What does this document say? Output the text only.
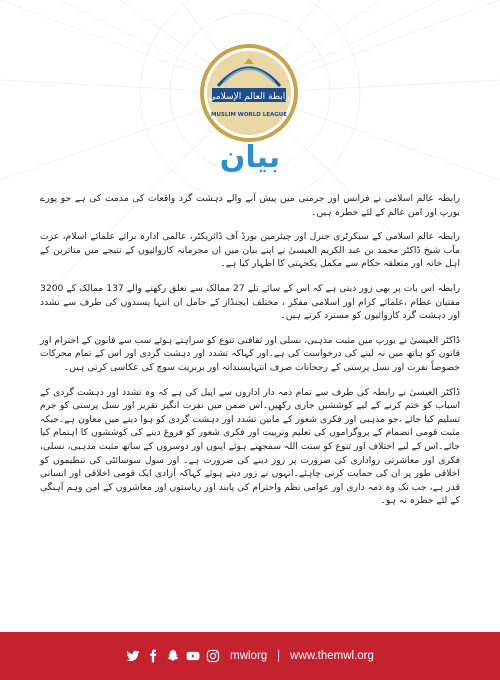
رابطة العالم الإسلامي
MUSLIM WORLD LEAGUE
بیان

رابطہ عالم اسلامی نے فرانس اور جرمنی میں پیش آنے والے دہشت گرد واقعات کی مذمت کی ہے جو پورے یورپ اور امن عالم کے لئے خطرہ ہیں۔

رابطہ عالم اسلامی کے سیکرٹری جنرل اور چیئرمین بورڈ آف ڈائریکٹر، عالمی ادارہ برائے علمائے اسلام، عزت مآب شیخ ڈاکٹر محمد بن عبد الکریم العیسیٰ نے اپنے بیان میں ان مجرمانہ کاروائیوں کے نتیجے میں متاثرین کے اہل خانہ اور متعلقہ حکام سے مکمل یکجہتی کا اظہار کیا ہے۔

رابطہ اس بات پر بھی زور دیتی ہے کہ اس کے سائے تلے 27 ممالک سے تعلق رکھنے والے 137 ممالک کے 3200 مفتیان عظام ،علمائے کرام اور اسلامی مفکر ، مختلف ایجنڈاز کے حامل ان انتہا پسندوں کی طرف سے تشدد اور دہشت گرد کاروائیوں کو مسترد کرتے ہیں۔

ڈاکٹر العیسیٰ نے یورپ میں مثبت مذہبی، نسلی اور ثقافتی تنوع کو سراہتے ہوئے سب سے قانون کے احترام اور قانون کو ہاتھ میں نہ لینے کی درخواست کی ہے۔اور کہاکہ تشدد اور دہشت گردی اور اس کے تمام محرکات خصوصاً نفرت اور نسل پرستی کے رجحانات صرف انتہاپسندانہ اور بربریت سوچ کی عکاسی کرتی ہیں۔

ڈاکٹر العیسیٰ نے رابطہ کی طرف سے تمام ذمہ دار اداروں سے اپیل کی ہے کہ وہ تشدد اور دہشت گردی کے اسباب کو ختم کرنے کے لیے کوششیں جاری رکھیں۔اس ضمن میں نفرت انگیز تقریر اور نسل پرستی کو جرم تسلیم کیا جائے ،جو مذہبی اور فکری شعور کے مابین تشدد اور دہشت گردی کو ہوا دینے میں معاون ہے۔جبکہ مثبت قومی انضمام کے پروگراموں کی تعلیم وتربیت اور فکری شعور کو فروغ دینے کی کوششوں کا اہتمام کیا جائے۔اس کے لیے اختلاف اور تنوع کو سنت اللہ سمجھتے ہوئے اپنوں اور دوسروں کے ساتھ مثبت مذہبی، نسلی، فکری اور معاشرتی رواداری کی ضرورت پر زور دینے کی ضرورت ہے۔ اور سول سوسائٹی کی تنظیموں کو اخلاقی طور پر ان کی حمایت کرنی چاہئے۔انہوں نے زور دیتے ہوئے کہاکہ آزادی ایک قومی اخلاقی اور انسانی قدر ہے، جب تک وہ ذمہ داری اور عوامی نظم واحترام کی پابند اور ریاستوں اور معاشروں کے امن وہم آہنگی کے لئے خطرہ نہ ہو۔

mwlorg | www.themwl.org
